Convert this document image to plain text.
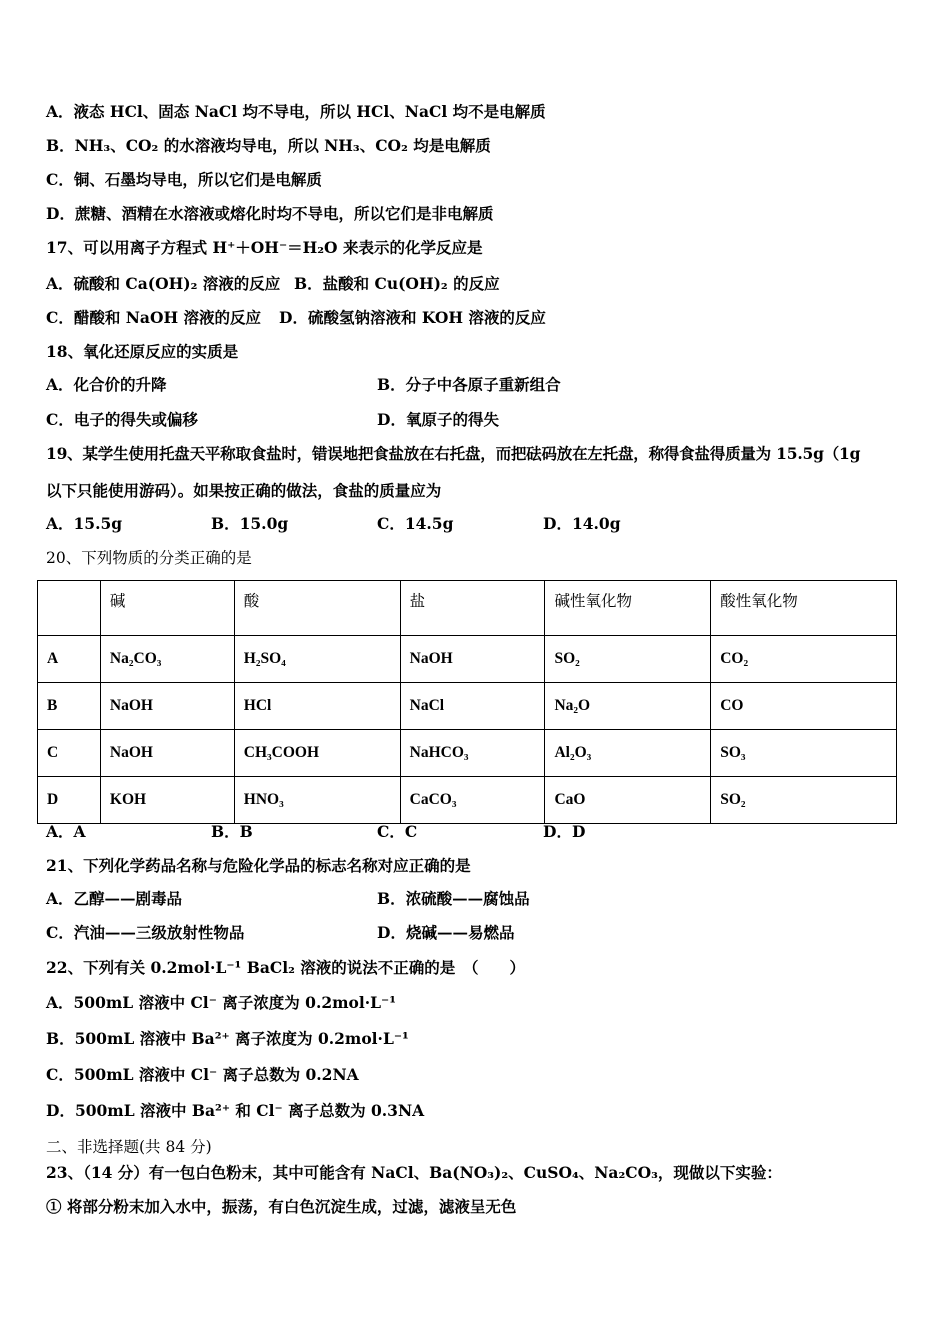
A．液态 HCl、固态 NaCl 均不导电，所以 HCl、NaCl 均不是电解质
B．NH₃、CO₂ 的水溶液均导电，所以 NH₃、CO₂ 均是电解质
C．铜、石墨均导电，所以它们是电解质
D．蔗糖、酒精在水溶液或熔化时均不导电，所以它们是非电解质
17、可以用离子方程式 H⁺＋OH⁻＝H₂O 来表示的化学反应是
A．硫酸和 Ca(OH)₂ 溶液的反应 B．盐酸和 Cu(OH)₂ 的反应
C．醋酸和 NaOH 溶液的反应 D．硫酸氢钠溶液和 KOH 溶液的反应
18、氧化还原反应的实质是
A．化合价的升降	B．分子中各原子重新组合
C．电子的得失或偏移	D．氧原子的得失
19、某学生使用托盘天平称取食盐时，错误地把食盐放在右托盘，而把砝码放在左托盘，称得食盐得质量为 15.5g（1g
以下只能使用游码）。如果按正确的做法，食盐的质量应为
A．15.5g	B．15.0g	C．14.5g	D．14.0g
20、下列物质的分类正确的是
	碱	酸	盐	碱性氧化物	酸性氧化物
A	Na₂CO₃	H₂SO₄	NaOH	SO₂	CO₂
B	NaOH	HCl	NaCl	Na₂O	CO
C	NaOH	CH₃COOH	NaHCO₃	Al₂O₃	SO₃
D	KOH	HNO₃	CaCO₃	CaO	SO₂
A．A	B．B	C．C	D．D
21、下列化学药品名称与危险化学品的标志名称对应正确的是
A．乙醇——剧毒品	B．浓硫酸——腐蚀品
C．汽油——三级放射性物品	D．烧碱——易燃品
22、下列有关 0.2mol·L⁻¹ BaCl₂ 溶液的说法不正确的是　（　　）
A．500mL 溶液中 Cl⁻ 离子浓度为 0.2mol·L⁻¹
B．500mL 溶液中 Ba²⁺ 离子浓度为 0.2mol·L⁻¹
C．500mL 溶液中 Cl⁻ 离子总数为 0.2NA
D．500mL 溶液中 Ba²⁺ 和 Cl⁻ 离子总数为 0.3NA
二、非选择题(共 84 分)
23、（14 分）有一包白色粉末，其中可能含有 NaCl、Ba(NO₃)₂、CuSO₄、Na₂CO₃，现做以下实验：
① 将部分粉末加入水中，振荡，有白色沉淀生成，过滤，滤液呈无色
